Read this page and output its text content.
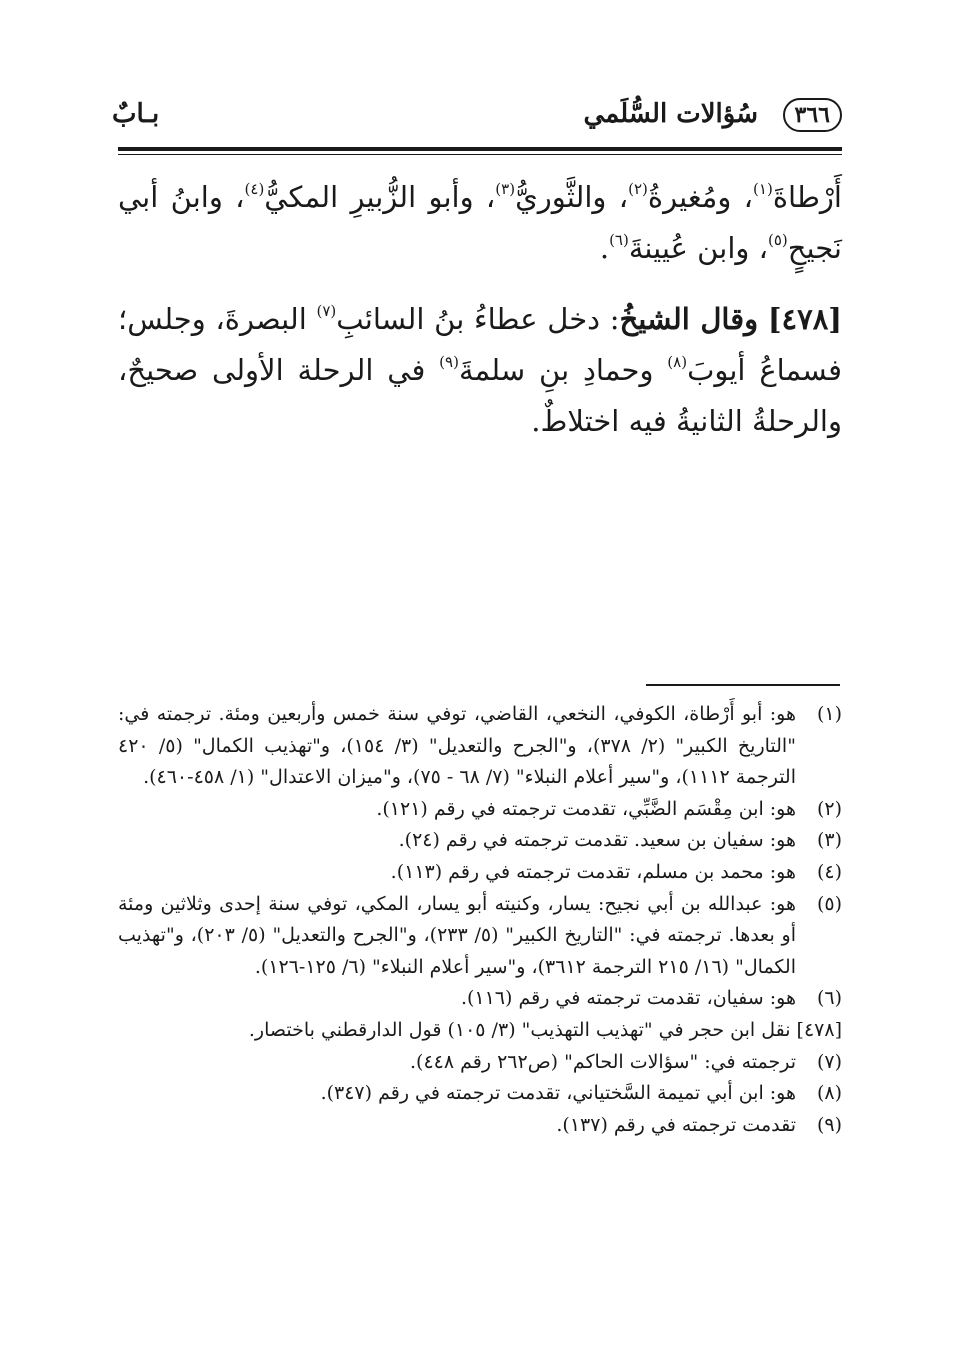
٣٦٦
سُؤالات السُّلَمي
بـابٌ

أَرْطاةَ$^{(١)}$، ومُغيرةُ$^{(٢)}$، والثَّوريُّ$^{(٣)}$، وأبو الزُّبيرِ المكيُّ$^{(٤)}$، وابنُ أبي نَجيحٍ$^{(٥)}$، وابن عُيينةَ$^{(٦)}$.

[٤٧٨] وقال الشيخُ: دخل عطاءُ بنُ السائبِ$^{(٧)}$ البصرةَ، وجلس؛ فسماعُ أيوبَ$^{(٨)}$ وحمادِ بنِ سلمةَ$^{(٩)}$ في الرحلة الأولى صحيحٌ، والرحلةُ الثانيةُ فيه اختلاطٌ.

(١)
هو: أبو أَرْطاة، الكوفي، النخعي، القاضي، توفي سنة خمس وأربعين ومئة. ترجمته في: "التاريخ الكبير" (٢/ ٣٧٨)، و"الجرح والتعديل" (٣/ ١٥٤)، و"تهذيب الكمال" (٥/ ٤٢٠ الترجمة ١١١٢)، و"سير أعلام النبلاء" (٧/ ٦٨ - ٧٥)، و"ميزان الاعتدال" (١/ ٤٥٨-٤٦٠).
(٢)
هو: ابن مِقْسَم الضَّبِّي، تقدمت ترجمته في رقم (١٢١).
(٣)
هو: سفيان بن سعيد. تقدمت ترجمته في رقم (٢٤).
(٤)
هو: محمد بن مسلم، تقدمت ترجمته في رقم (١١٣).
(٥)
هو: عبدالله بن أبي نجيح: يسار، وكنيته أبو يسار، المكي، توفي سنة إحدى وثلاثين ومئة أو بعدها. ترجمته في: "التاريخ الكبير" (٥/ ٢٣٣)، و"الجرح والتعديل" (٥/ ٢٠٣)، و"تهذيب الكمال" (١٦/ ٢١٥ الترجمة ٣٦١٢)، و"سير أعلام النبلاء" (٦/ ١٢٥-١٢٦).
(٦)
هو: سفيان، تقدمت ترجمته في رقم (١١٦).
[٤٧٨] نقل ابن حجر في "تهذيب التهذيب" (٣/ ١٠٥) قول الدارقطني باختصار.
(٧)
ترجمته في: "سؤالات الحاكم" (ص٢٦٢ رقم ٤٤٨).
(٨)
هو: ابن أبي تميمة السَّختياني، تقدمت ترجمته في رقم (٣٤٧).
(٩)
تقدمت ترجمته في رقم (١٣٧).
